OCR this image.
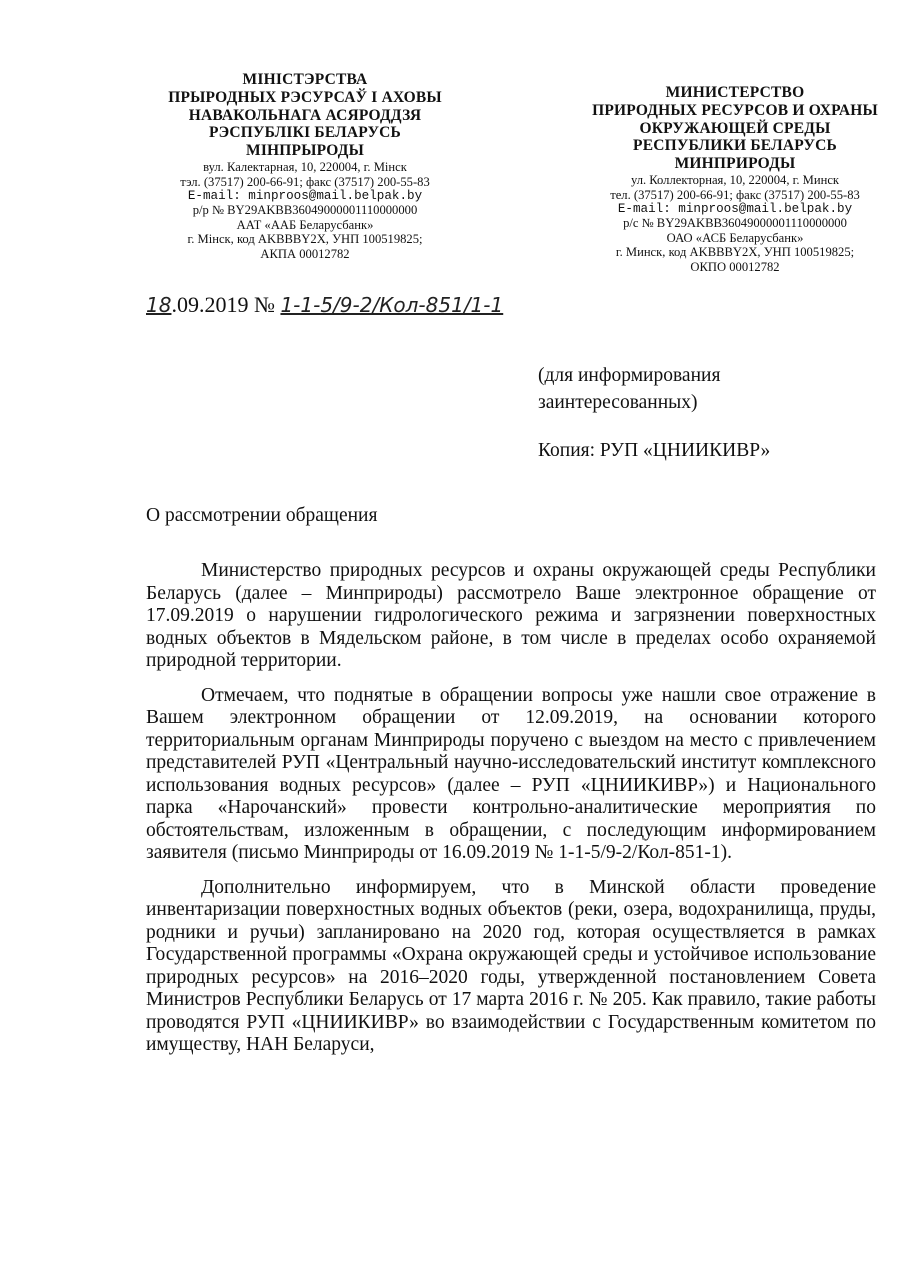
МІНІСТЭРСТВА
ПРЫРОДНЫХ РЭСУРСАЎ І АХОВЫ
НАВАКОЛЬНАГА АСЯРОДДЗЯ
РЭСПУБЛІКІ БЕЛАРУСЬ
МІНПРЫРОДЫ
вул. Калектарная, 10, 220004, г. Мінск
тэл. (37517) 200-66-91; факс (37517) 200-55-83
E-mail: minproos@mail.belpak.by
р/р № BY29AKBB36049000001110000000
ААТ «ААБ Беларусбанк»
г. Мінск, код AKBBBY2X, УНП 100519825;
АКПА 00012782
МИНИСТЕРСТВО
ПРИРОДНЫХ РЕСУРСОВ И ОХРАНЫ
ОКРУЖАЮЩЕЙ СРЕДЫ
РЕСПУБЛИКИ БЕЛАРУСЬ
МИНПРИРОДЫ
ул. Коллекторная, 10, 220004, г. Минск
тел. (37517) 200-66-91; факс (37517) 200-55-83
E-mail: minproos@mail.belpak.by
р/с № BY29AKBB36049000001110000000
ОАО «АСБ Беларусбанк»
г. Минск, код AKBBBY2X, УНП 100519825;
ОКПО 00012782
18.09.2019 № 1-1-5/9-2/Кол-851/1-1
(для информирования
заинтересованных)
Копия: РУП «ЦНИИКИВР»
О рассмотрении обращения

Министерство природных ресурсов и охраны окружающей среды Республики Беларусь (далее – Минприроды) рассмотрело Ваше электронное обращение от 17.09.2019 о нарушении гидрологического режима и загрязнении поверхностных водных объектов в Мядельском районе, в том числе в пределах особо охраняемой природной территории.

Отмечаем, что поднятые в обращении вопросы уже нашли свое отражение в Вашем электронном обращении от 12.09.2019, на основании которого территориальным органам Минприроды поручено с выездом на место с привлечением представителей РУП «Центральный научно-исследовательский институт комплексного использования водных ресурсов» (далее – РУП «ЦНИИКИВР») и Национального парка «Нарочанский» провести контрольно-аналитические мероприятия по обстоятельствам, изложенным в обращении, с последующим информированием заявителя (письмо Минприроды от 16.09.2019 № 1-1-5/9-2/Кол-851-1).

Дополнительно информируем, что в Минской области проведение инвентаризации поверхностных водных объектов (реки, озера, водохранилища, пруды, родники и ручьи) запланировано на 2020 год, которая осуществляется в рамках Государственной программы «Охрана окружающей среды и устойчивое использование природных ресурсов» на 2016–2020 годы, утвержденной постановлением Совета Министров Республики Беларусь от 17 марта 2016 г. № 205. Как правило, такие работы проводятся РУП «ЦНИИКИВР» во взаимодействии с Государственным комитетом по имуществу, НАН Беларуси,
